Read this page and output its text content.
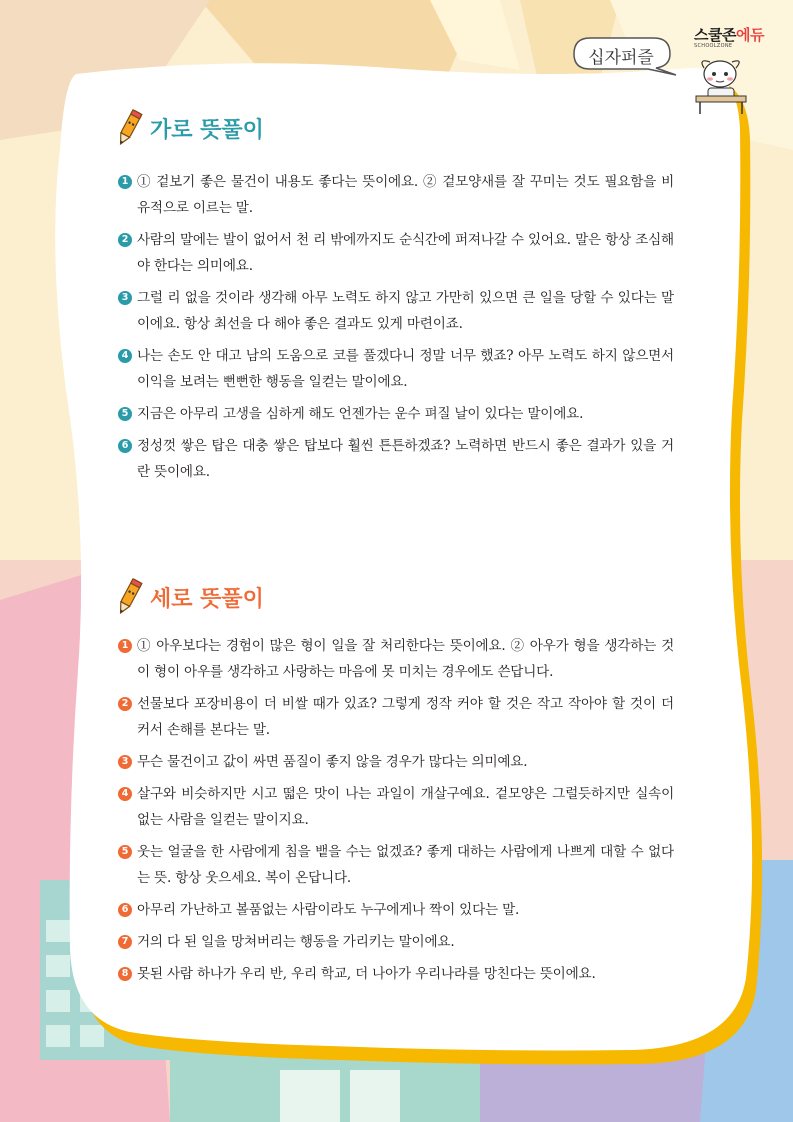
스쿨존에듀
SCHOOLZONE
십자퍼즐
가로 뜻풀이
1 ① 겉보기 좋은 물건이 내용도 좋다는 뜻이에요. ② 겉모양새를 잘 꾸미는 것도 필요함을 비유적으로 이르는 말.
2 사람의 말에는 발이 없어서 천 리 밖에까지도 순식간에 퍼져나갈 수 있어요. 말은 항상 조심해야 한다는 의미에요.
3 그럴 리 없을 것이라 생각해 아무 노력도 하지 않고 가만히 있으면 큰 일을 당할 수 있다는 말이에요. 항상 최선을 다 해야 좋은 결과도 있게 마련이죠.
4 나는 손도 안 대고 남의 도움으로 코를 풀겠다니 정말 너무 했죠? 아무 노력도 하지 않으면서 이익을 보려는 뻔뻔한 행동을 일컫는 말이에요.
5 지금은 아무리 고생을 심하게 해도 언젠가는 운수 펴질 날이 있다는 말이에요.
6 정성껏 쌓은 탑은 대충 쌓은 탑보다 훨씬 튼튼하겠죠? 노력하면 반드시 좋은 결과가 있을 거란 뜻이에요.
세로 뜻풀이
1 ① 아우보다는 경험이 많은 형이 일을 잘 처리한다는 뜻이에요. ② 아우가 형을 생각하는 것이 형이 아우를 생각하고 사랑하는 마음에 못 미치는 경우에도 쓴답니다.
2 선물보다 포장비용이 더 비쌀 때가 있죠? 그렇게 정작 커야 할 것은 작고 작아야 할 것이 더 커서 손해를 본다는 말.
3 무슨 물건이고 값이 싸면 품질이 좋지 않을 경우가 많다는 의미예요.
4 살구와 비슷하지만 시고 떫은 맛이 나는 과일이 개살구예요. 겉모양은 그럴듯하지만 실속이 없는 사람을 일컫는 말이지요.
5 웃는 얼굴을 한 사람에게 침을 뱉을 수는 없겠죠? 좋게 대하는 사람에게 나쁘게 대할 수 없다는 뜻. 항상 웃으세요. 복이 온답니다.
6 아무리 가난하고 볼품없는 사람이라도 누구에게나 짝이 있다는 말.
7 거의 다 된 일을 망쳐버리는 행동을 가리키는 말이에요.
8 못된 사람 하나가 우리 반, 우리 학교, 더 나아가 우리나라를 망친다는 뜻이에요.
